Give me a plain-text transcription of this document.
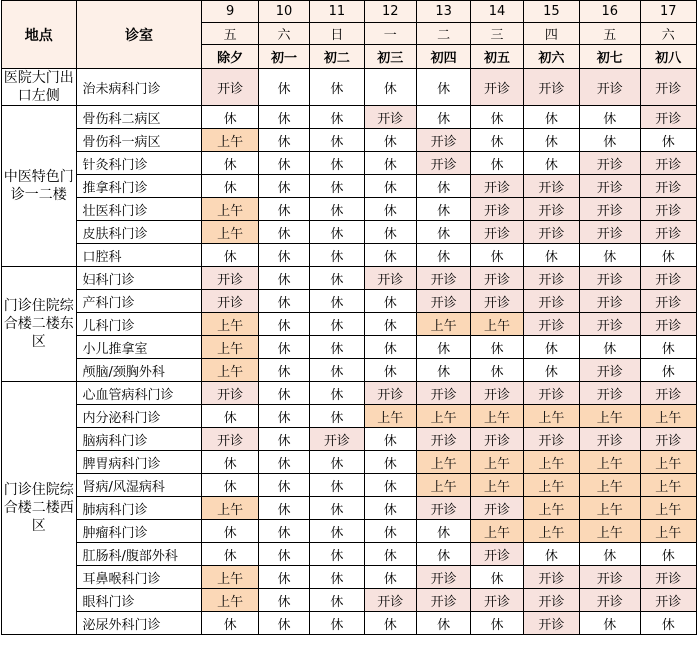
地点	诊室	9	10	11	12	13	14	15	16	17
		五	六	日	一	二	三	四	五	六
		除夕	初一	初二	初三	初四	初五	初六	初七	初八
医院大门出口左侧	治未病科门诊	开诊	休	休	休	休	开诊	开诊	开诊	开诊
中医特色门诊一二楼	骨伤科二病区	休	休	休	开诊	休	休	休	休	开诊
	骨伤科一病区	上午	休	休	休	开诊	休	休	休	休
	针灸科门诊	休	休	休	休	开诊	休	休	开诊	开诊
	推拿科门诊	休	休	休	休	休	开诊	开诊	开诊	开诊
	壮医科门诊	上午	休	休	休	休	开诊	开诊	开诊	开诊
	皮肤科门诊	上午	休	休	休	休	开诊	开诊	开诊	开诊
	口腔科	休	休	休	休	休	休	休	休	休
门诊住院综合楼二楼东区	妇科门诊	开诊	休	休	开诊	开诊	开诊	开诊	开诊	开诊
	产科门诊	开诊	休	休	休	开诊	开诊	开诊	开诊	开诊
	儿科门诊	上午	休	休	休	上午	上午	开诊	开诊	开诊
	小儿推拿室	上午	休	休	休	休	休	休	休	休
	颅脑/颈胸外科	上午	休	休	休	休	休	休	开诊	休
门诊住院综合楼二楼西区	心血管病科门诊	开诊	休	休	开诊	开诊	开诊	开诊	开诊	开诊
	内分泌科门诊	休	休	休	上午	上午	上午	上午	上午	上午
	脑病科门诊	开诊	休	开诊	休	开诊	开诊	开诊	开诊	开诊
	脾胃病科门诊	休	休	休	休	上午	上午	上午	上午	上午
	肾病/风湿病科	休	休	休	休	上午	上午	上午	上午	上午
	肺病科门诊	上午	休	休	休	开诊	开诊	上午	上午	上午
	肿瘤科门诊	休	休	休	休	休	上午	上午	上午	上午
	肛肠科/腹部外科	休	休	休	休	休	开诊	休	休	休
	耳鼻喉科门诊	上午	休	休	休	开诊	休	开诊	开诊	开诊
	眼科门诊	上午	休	休	开诊	开诊	开诊	开诊	开诊	开诊
	泌尿外科门诊	休	休	休	休	休	休	开诊	休	休
